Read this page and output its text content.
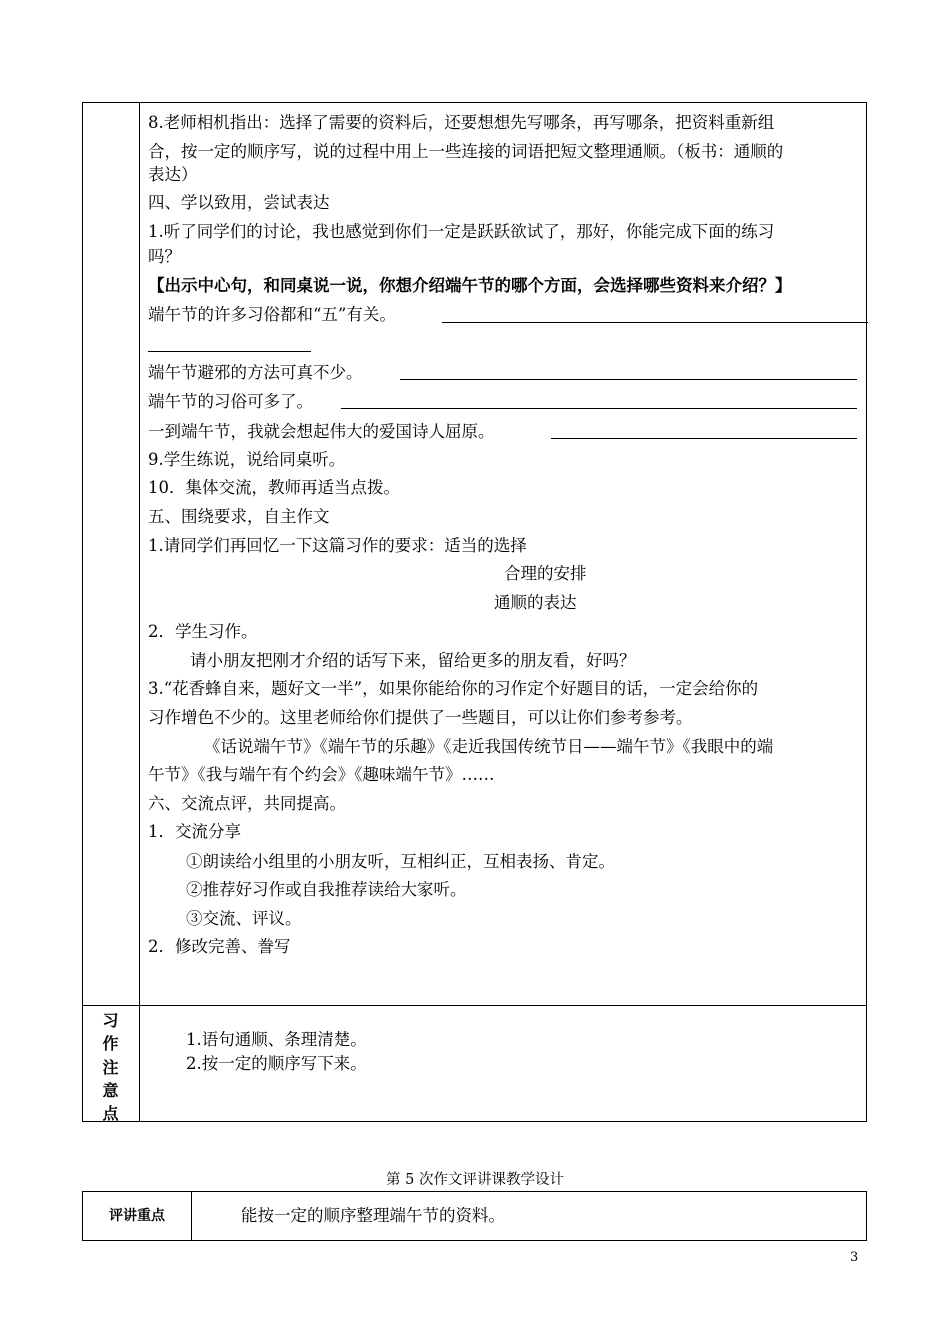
8.老师相机指出：选择了需要的资料后，还要想想先写哪条，再写哪条，把资料重新组
合，按一定的顺序写，说的过程中用上一些连接的词语把短文整理通顺。（板书：通顺的
表达）
四、学以致用，尝试表达
1.听了同学们的讨论，我也感觉到你们一定是跃跃欲试了，那好，你能完成下面的练习
吗？
【出示中心句，和同桌说一说，你想介绍端午节的哪个方面，会选择哪些资料来介绍？】
端午节的许多习俗都和“五”有关。
端午节避邪的方法可真不少。
端午节的习俗可多了。
一到端午节，我就会想起伟大的爱国诗人屈原。
9.学生练说，说给同桌听。
10．集体交流，教师再适当点拨。
五、围绕要求，自主作文
1.请同学们再回忆一下这篇习作的要求：适当的选择
合理的安排
通顺的表达
2．学生习作。
请小朋友把刚才介绍的话写下来，留给更多的朋友看，好吗？
3.“花香蜂自来，题好文一半”，如果你能给你的习作定个好题目的话，一定会给你的
习作增色不少的。这里老师给你们提供了一些题目，可以让你们参考参考。
《话说端午节》《端午节的乐趣》《走近我国传统节日——端午节》《我眼中的端
午节》《我与端午有个约会》《趣味端午节》……
六、交流点评，共同提高。
1．交流分享
①朗读给小组里的小朋友听，互相纠正，互相表扬、肯定。
②推荐好习作或自我推荐读给大家听。
③交流、评议。
2．修改完善、誊写
习
作
注
意
点
1.语句通顺、条理清楚。
2.按一定的顺序写下来。
第 5 次作文评讲课教学设计
评讲重点	能按一定的顺序整理端午节的资料。
3
